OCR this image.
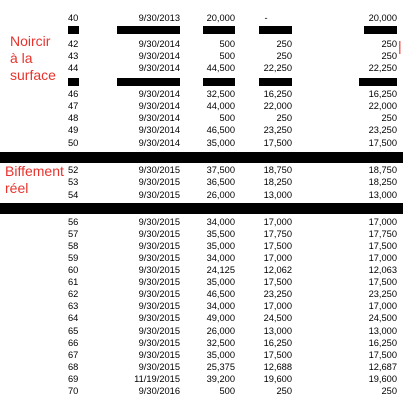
Noircir
à la
surface
Biffement
réel
|
40	9/30/2013	20,000	-	20,000
42	9/30/2014	500	250	250
43	9/30/2014	500	250	250
44	9/30/2014	44,500	22,250	22,250
46	9/30/2014	32,500	16,250	16,250
47	9/30/2014	44,000	22,000	22,000
48	9/30/2014	500	250	250
49	9/30/2014	46,500	23,250	23,250
50	9/30/2014	35,000	17,500	17,500
52	9/30/2015	37,500	18,750	18,750
53	9/30/2015	36,500	18,250	18,250
54	9/30/2015	26,000	13,000	13,000
56	9/30/2015	34,000	17,000	17,000
57	9/30/2015	35,500	17,750	17,750
58	9/30/2015	35,000	17,500	17,500
59	9/30/2015	34,000	17,000	17,000
60	9/30/2015	24,125	12,062	12,063
61	9/30/2015	35,000	17,500	17,500
62	9/30/2015	46,500	23,250	23,250
63	9/30/2015	34,000	17,000	17,000
64	9/30/2015	49,000	24,500	24,500
65	9/30/2015	26,000	13,000	13,000
66	9/30/2015	32,500	16,250	16,250
67	9/30/2015	35,000	17,500	17,500
68	9/30/2015	25,375	12,688	12,687
69	11/19/2015	39,200	19,600	19,600
70	9/30/2016	500	250	250
